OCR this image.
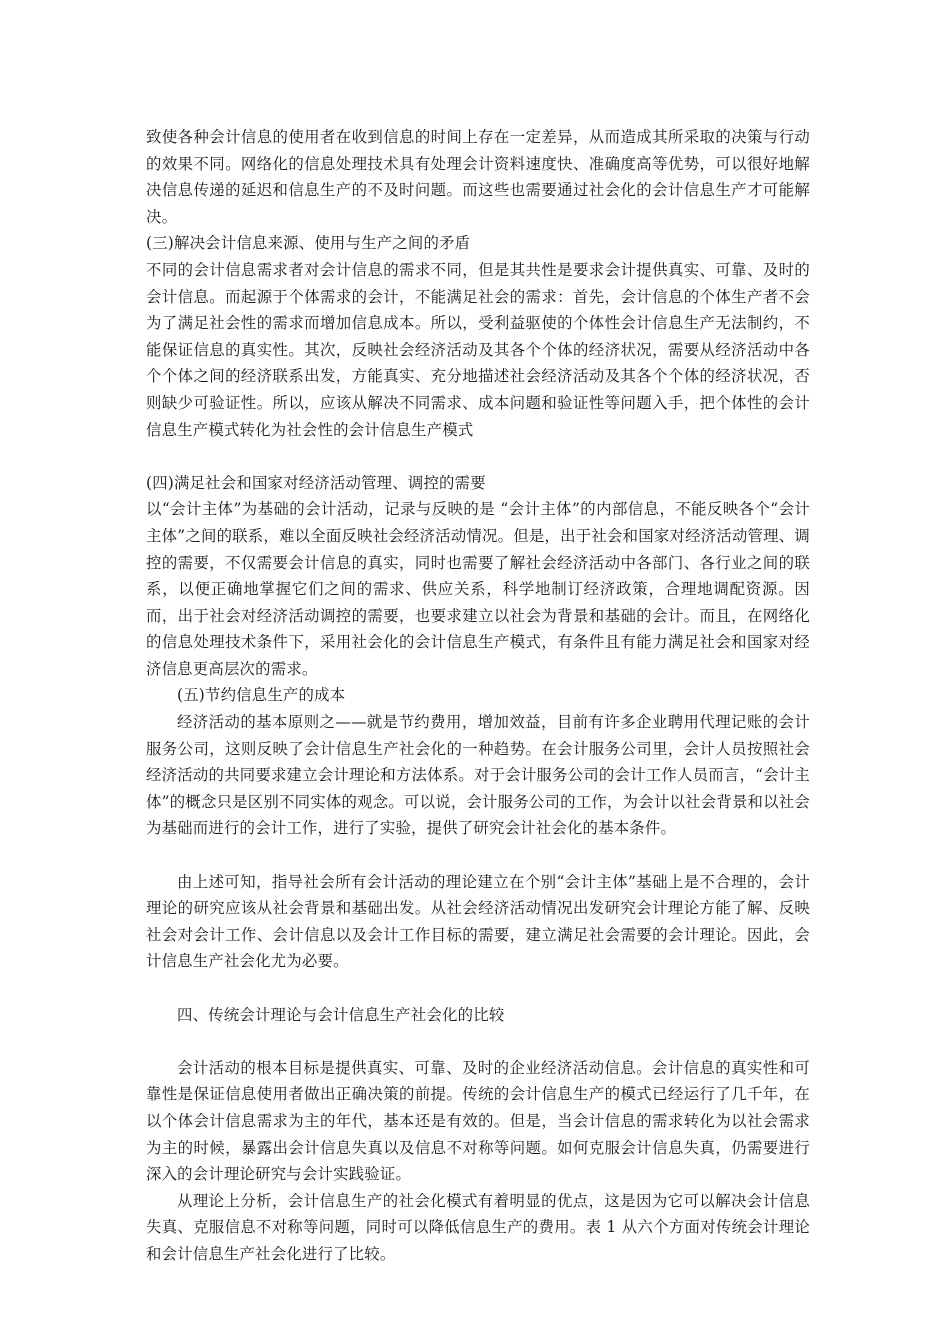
致使各种会计信息的使用者在收到信息的时间上存在一定差异，从而造成其所采取的决策与行动的效果不同。网络化的信息处理技术具有处理会计资料速度快、准确度高等优势，可以很好地解决信息传递的延迟和信息生产的不及时问题。而这些也需要通过社会化的会计信息生产才可能解决。

(三)解决会计信息来源、使用与生产之间的矛盾

不同的会计信息需求者对会计信息的需求不同，但是其共性是要求会计提供真实、可靠、及时的会计信息。而起源于个体需求的会计，不能满足社会的需求：首先，会计信息的个体生产者不会为了满足社会性的需求而增加信息成本。所以，受利益驱使的个体性会计信息生产无法制约，不能保证信息的真实性。其次，反映社会经济活动及其各个个体的经济状况，需要从经济活动中各个个体之间的经济联系出发，方能真实、充分地描述社会经济活动及其各个个体的经济状况，否则缺少可验证性。所以，应该从解决不同需求、成本问题和验证性等问题入手，把个体性的会计信息生产模式转化为社会性的会计信息生产模式

(四)满足社会和国家对经济活动管理、调控的需要

以“会计主体”为基础的会计活动，记录与反映的是 “会计主体”的内部信息，不能反映各个“会计主体”之间的联系，难以全面反映社会经济活动情况。但是，出于社会和国家对经济活动管理、调控的需要，不仅需要会计信息的真实，同时也需要了解社会经济活动中各部门、各行业之间的联系，以便正确地掌握它们之间的需求、供应关系，科学地制订经济政策，合理地调配资源。因而，出于社会对经济活动调控的需要，也要求建立以社会为背景和基础的会计。而且，在网络化的信息处理技术条件下，采用社会化的会计信息生产模式，有条件且有能力满足社会和国家对经济信息更高层次的需求。

(五)节约信息生产的成本

经济活动的基本原则之——就是节约费用，增加效益，目前有许多企业聘用代理记账的会计服务公司，这则反映了会计信息生产社会化的一种趋势。在会计服务公司里，会计人员按照社会经济活动的共同要求建立会计理论和方法体系。对于会计服务公司的会计工作人员而言，“会计主体”的概念只是区别不同实体的观念。可以说，会计服务公司的工作，为会计以社会背景和以社会为基础而进行的会计工作，进行了实验，提供了研究会计社会化的基本条件。

由上述可知，指导社会所有会计活动的理论建立在个别“会计主体”基础上是不合理的，会计理论的研究应该从社会背景和基础出发。从社会经济活动情况出发研究会计理论方能了解、反映社会对会计工作、会计信息以及会计工作目标的需要，建立满足社会需要的会计理论。因此，会计信息生产社会化尤为必要。

四、传统会计理论与会计信息生产社会化的比较

会计活动的根本目标是提供真实、可靠、及时的企业经济活动信息。会计信息的真实性和可靠性是保证信息使用者做出正确决策的前提。传统的会计信息生产的模式已经运行了几千年，在以个体会计信息需求为主的年代，基本还是有效的。但是，当会计信息的需求转化为以社会需求为主的时候，暴露出会计信息失真以及信息不对称等问题。如何克服会计信息失真，仍需要进行深入的会计理论研究与会计实践验证。

从理论上分析，会计信息生产的社会化模式有着明显的优点，这是因为它可以解决会计信息失真、克服信息不对称等问题，同时可以降低信息生产的费用。表 1 从六个方面对传统会计理论和会计信息生产社会化进行了比较。
